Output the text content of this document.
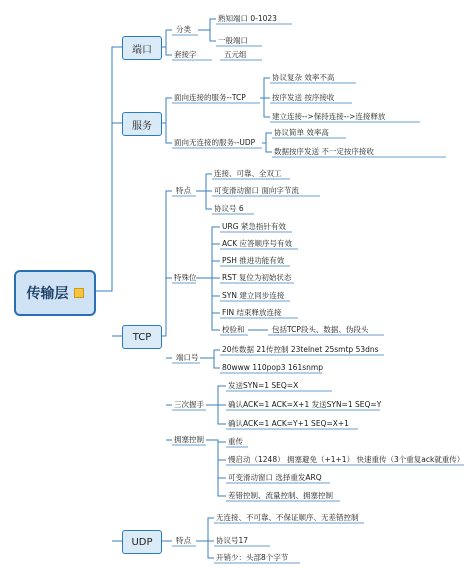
传输层
端口
服务
TCP
UDP
分类
熟知端口 0-1023
一般端口
套接字	五元组
面向连接的服务--TCP
协议复杂 效率不高
按序发送 按序接收
建立连接-->保持连接-->连接释放
面向无连接的服务--UDP
协议简单 效率高
数据按序发送 不一定按序接收
特点
连接、可靠、全双工
可变滑动窗口 面向字节流
协议号 6
特殊位
URG 紧急指针有效
ACK 应答顺序号有效
PSH 推进功能有效
RST 复位为初始状态
SYN 建立同步连接
FIN 结束释放连接
校验和	包括TCP段头、数据、伪段头
端口号
20传数据 21传控制 23telnet 25smtp 53dns
80www 110pop3 161snmp
三次握手
发送SYN=1 SEQ=X
确认ACK=1 ACK=X+1 发送SYN=1 SEQ=Y
确认ACK=1 ACK=Y+1 SEQ=X+1
拥塞控制	重传
慢启动（1248） 拥塞避免（+1+1） 快速重传（3个重复ack就重传）
可变滑动窗口 选择重发ARQ
差错控制、流量控制、拥塞控制
特点
无连接、不可靠、不保证顺序、无差错控制
协议号17
开销少：头部8个字节
